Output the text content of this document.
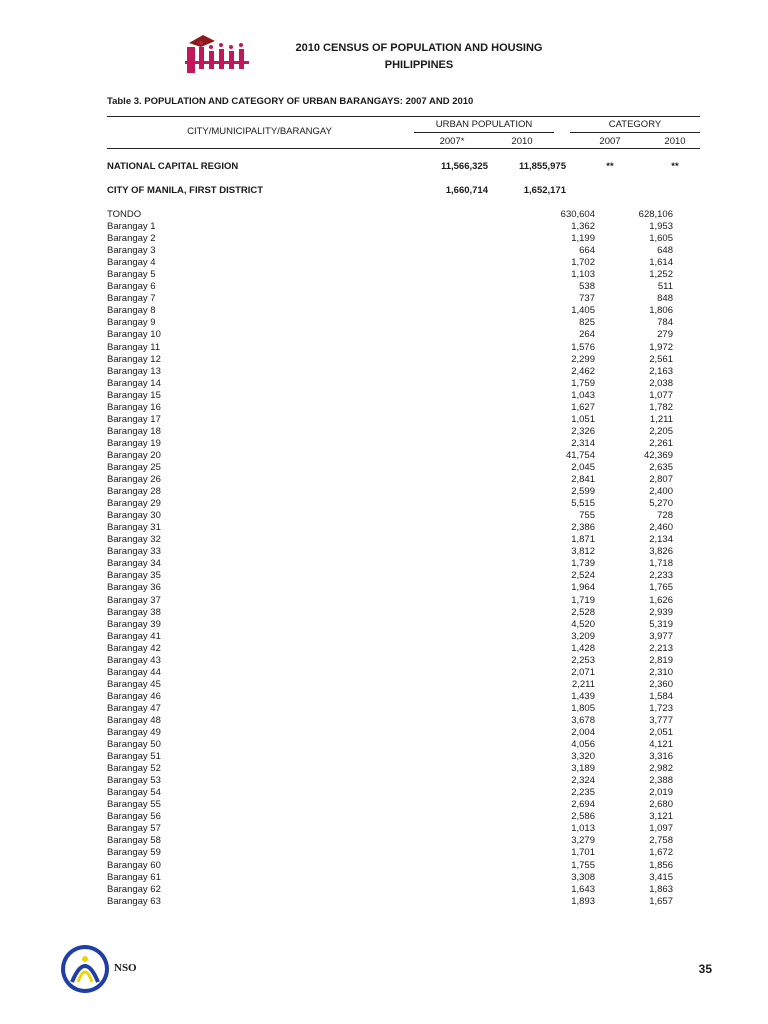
2010 CENSUS OF POPULATION AND HOUSING
PHILIPPINES
Table 3. POPULATION AND CATEGORY OF URBAN BARANGAYS: 2007 AND 2010
CITY/MUNICIPALITY/BARANGAY
URBAN POPULATION	CATEGORY
2007*	2010	2007	2010
NATIONAL CAPITAL REGION	11,566,325	11,855,975	**	**
CITY OF MANILA, FIRST DISTRICT	1,660,714	1,652,171
TONDO	630,604	628,106
Barangay 1	1,362	1,953
Barangay 2	1,199	1,605
Barangay 3	664	648
Barangay 4	1,702	1,614
Barangay 5	1,103	1,252
Barangay 6	538	511
Barangay 7	737	848
Barangay 8	1,405	1,806
Barangay 9	825	784
Barangay 10	264	279
Barangay 11	1,576	1,972
Barangay 12	2,299	2,561
Barangay 13	2,462	2,163
Barangay 14	1,759	2,038
Barangay 15	1,043	1,077
Barangay 16	1,627	1,782
Barangay 17	1,051	1,211
Barangay 18	2,326	2,205
Barangay 19	2,314	2,261
Barangay 20	41,754	42,369
Barangay 25	2,045	2,635
Barangay 26	2,841	2,807
Barangay 28	2,599	2,400
Barangay 29	5,515	5,270
Barangay 30	755	728
Barangay 31	2,386	2,460
Barangay 32	1,871	2,134
Barangay 33	3,812	3,826
Barangay 34	1,739	1,718
Barangay 35	2,524	2,233
Barangay 36	1,964	1,765
Barangay 37	1,719	1,626
Barangay 38	2,528	2,939
Barangay 39	4,520	5,319
Barangay 41	3,209	3,977
Barangay 42	1,428	2,213
Barangay 43	2,253	2,819
Barangay 44	2,071	2,310
Barangay 45	2,211	2,360
Barangay 46	1,439	1,584
Barangay 47	1,805	1,723
Barangay 48	3,678	3,777
Barangay 49	2,004	2,051
Barangay 50	4,056	4,121
Barangay 51	3,320	3,316
Barangay 52	3,189	2,982
Barangay 53	2,324	2,388
Barangay 54	2,235	2,019
Barangay 55	2,694	2,680
Barangay 56	2,586	3,121
Barangay 57	1,013	1,097
Barangay 58	3,279	2,758
Barangay 59	1,701	1,672
Barangay 60	1,755	1,856
Barangay 61	3,308	3,415
Barangay 62	1,643	1,863
Barangay 63	1,893	1,657
NSO	35
